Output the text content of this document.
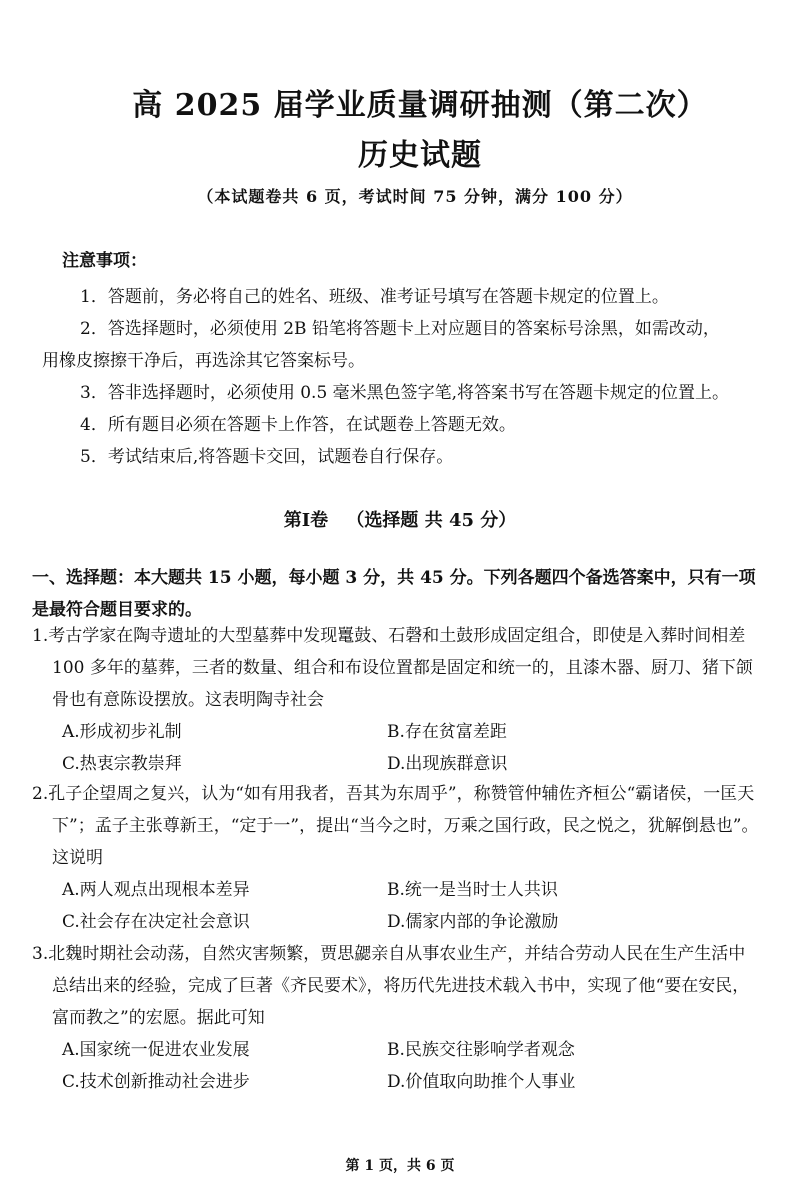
高 2025 届学业质量调研抽测（第二次）
历史试题
（本试题卷共 6 页，考试时间 75 分钟，满分 100 分）
注意事项：
1．答题前，务必将自己的姓名、班级、准考证号填写在答题卡规定的位置上。
2．答选择题时，必须使用 2B 铅笔将答题卡上对应题目的答案标号涂黑，如需改动，
用橡皮擦擦干净后，再选涂其它答案标号。
3．答非选择题时，必须使用 0.5 毫米黑色签字笔,将答案书写在答题卡规定的位置上。
4．所有题目必须在答题卡上作答，在试题卷上答题无效。
5．考试结束后,将答题卡交回，试题卷自行保存。
第Ⅰ卷 （选择题 共 45 分）
一、选择题：本大题共 15 小题，每小题 3 分，共 45 分。下列各题四个备选答案中，只有一项是最符合题目要求的。
1.考古学家在陶寺遗址的大型墓葬中发现鼍鼓、石磬和土鼓形成固定组合，即使是入葬时间相差 100 多年的墓葬，三者的数量、组合和布设位置都是固定和统一的，且漆木器、厨刀、猪下颌骨也有意陈设摆放。这表明陶寺社会
A.形成初步礼制	B.存在贫富差距
C.热衷宗教崇拜	D.出现族群意识
2.孔子企望周之复兴，认为“如有用我者，吾其为东周乎”，称赞管仲辅佐齐桓公“霸诸侯，一匡天下”；孟子主张尊新王，“定于一”，提出“当今之时，万乘之国行政，民之悦之，犹解倒悬也”。这说明
A.两人观点出现根本差异	B.统一是当时士人共识
C.社会存在决定社会意识	D.儒家内部的争论激励
3.北魏时期社会动荡，自然灾害频繁，贾思勰亲自从事农业生产，并结合劳动人民在生产生活中总结出来的经验，完成了巨著《齐民要术》，将历代先进技术载入书中，实现了他“要在安民，富而教之”的宏愿。据此可知
A.国家统一促进农业发展	B.民族交往影响学者观念
C.技术创新推动社会进步	D.价值取向助推个人事业
第 1 页，共 6 页
